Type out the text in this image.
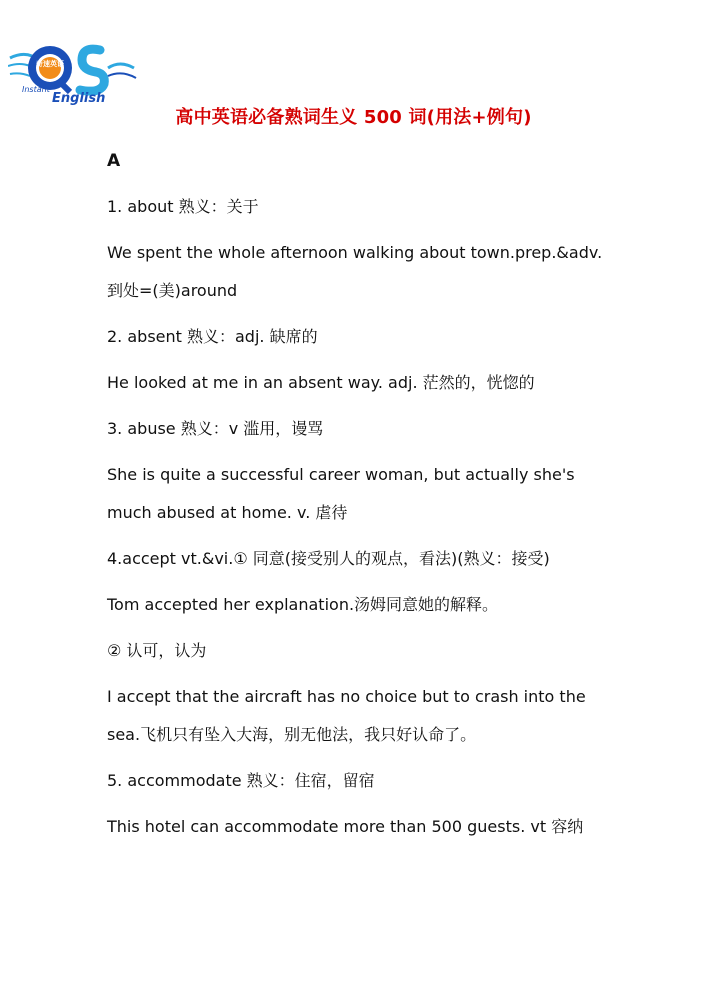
奇速英语
Instant
English
高中英语必备熟词生义 500 词(用法+例句)

A

1. about 熟义：关于

We spent the whole afternoon walking about town.prep.&adv.到处=(美)around

2. absent 熟义：adj. 缺席的

He looked at me in an absent way. adj. 茫然的，恍惚的

3. abuse 熟义：v 滥用，谩骂

She is quite a successful career woman, but actually she's much abused at home. v. 虐待

4.accept vt.&vi.① 同意(接受别人的观点，看法)(熟义：接受)

Tom accepted her explanation.汤姆同意她的解释。

② 认可，认为

I accept that the aircraft has no choice but to crash into the sea.飞机只有坠入大海，别无他法，我只好认命了。

5. accommodate 熟义：住宿，留宿

This hotel can accommodate more than 500 guests. vt 容纳
